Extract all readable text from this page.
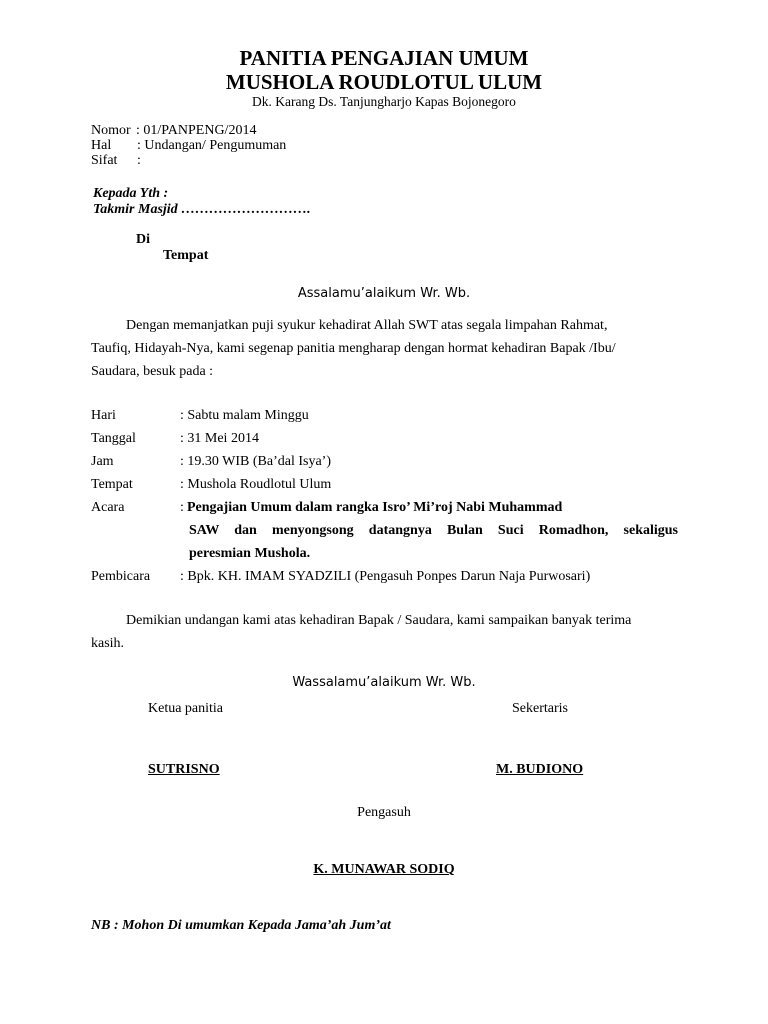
PANITIA PENGAJIAN UMUM
MUSHOLA ROUDLOTUL ULUM
Dk. Karang Ds. Tanjungharjo Kapas Bojonegoro
Nomor : 01/PANPENG/2014
Hal : Undangan/ Pengumuman
Sifat :
Kepada Yth :
Takmir Masjid ……………………….
Di
Tempat
Assalamu’alaikum Wr. Wb.
Dengan memanjatkan puji syukur kehadirat Allah SWT atas segala limpahan Rahmat,
Taufiq, Hidayah-Nya, kami segenap panitia mengharap dengan hormat kehadiran Bapak /Ibu/
Saudara, besuk pada :
Hari	: Sabtu malam Minggu
Tanggal	: 31 Mei 2014
Jam	: 19.30 WIB (Ba’dal Isya’)
Tempat	: Mushola Roudlotul Ulum
Acara	: Pengajian Umum dalam rangka Isro’ Mi’roj Nabi Muhammad
SAW dan menyongsong datangnya Bulan Suci Romadhon, sekaligus
peresmian Mushola.
Pembicara : Bpk. KH. IMAM SYADZILI (Pengasuh Ponpes Darun Naja Purwosari)
Demikian undangan kami atas kehadiran Bapak / Saudara, kami sampaikan banyak terima
kasih.
Wassalamu’alaikum Wr. Wb.
Ketua panitia	Sekertaris
SUTRISNO	M. BUDIONO
Pengasuh
K. MUNAWAR SODIQ
NB : Mohon Di umumkan Kepada Jama’ah Jum’at
